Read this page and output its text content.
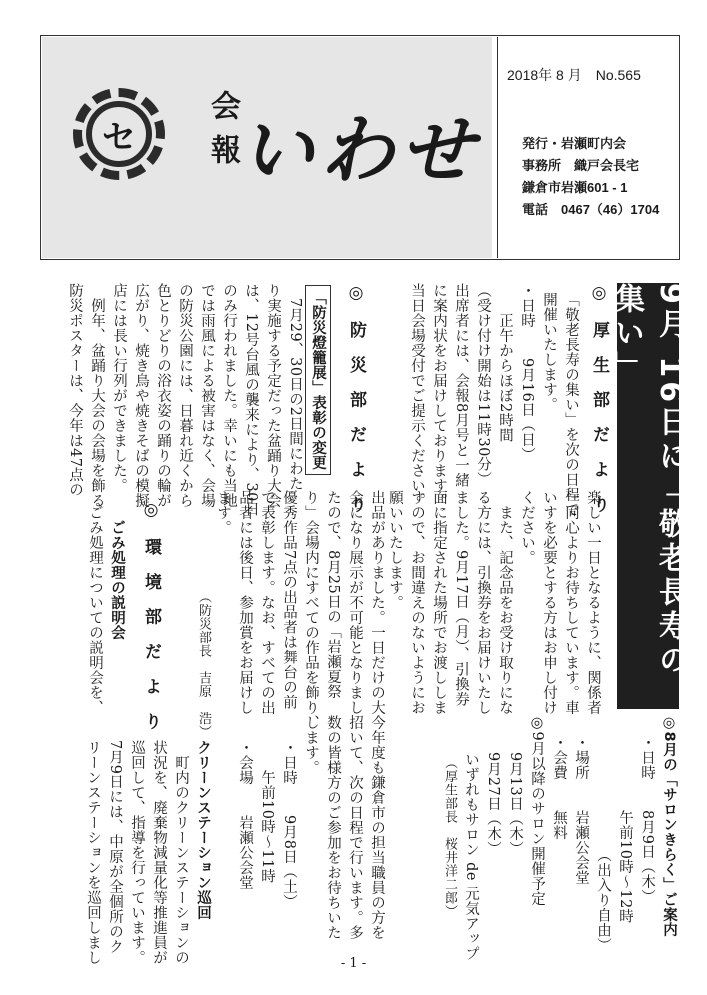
セ 会報 いわせ
2018年 8 月　No.565
発行・岩瀬町内会
事務所　織戸会長宅
鎌倉市岩瀬601 - 1
電話　0467（46）1704
9月 16日に「敬老長寿の集い」
◎8月の「サロンきらく」ご案内
・日時　　8月9日（木）
　　　　　午前10時～12時
　　　　　　　　（出入り自由）
・場所　　岩瀬公会堂
・会費　　無料
◎9月以降のサロン開催予定
　　9月13日（木）
　　9月27日（木）
　　いずれもサロン de 元気アップ
　　　（厚生部長　桜井洋二郎）
◎ 厚 生 部 だ よ り
「敬老長寿の集い」を次の日程で
開催いたします。
・日時　　9月16日（日）
　　正午からほぼ2時間
（受け付け開始は11時30分）
出席者には、会報8月号と一緒
に案内状をお届けしております。
当日会場受付でご提示ください。
楽しい一日となるように、関係者
一同心よりお待ちしています。車
いすを必要とする方はお申し付け
ください。
　また、記念品をお受け取りにな
る方には、引換券をお届けいたし
ました。9月17日（月）、引換券
面に指定された場所でお渡ししま
すので、お間違えのないようにお
願いいたします。
◎ 防 災 部 だ よ り
「防災燈籠展」表彰の変更
　7月29、30日の2日間にわた
り実施する予定だった盆踊り大会
は、12号台風の襲来により、30日
のみ行われました。幸いにも当地
では雨風による被害はなく、会場
の防災公園には、日暮れ近くから
色とりどりの浴衣姿の踊りの輪が
広がり、焼き鳥や焼きそばの模擬
店には長い行列ができました。
　例年、盆踊り大会の会場を飾る
防災ポスターは、今年は47点の
出品がありました。一日だけの大
会になり展示が不可能となりまし
たので、8月25日の「岩瀬夏祭
り」会場内にすべての作品を飾り、
優秀作品7点の出品者は舞台の前
で表彰します。なお、すべての出
品者には後日、参加賞をお届けし
ます。
（防災部長　吉原　浩）
◎ 環 境 部 だ よ り
ごみ処理の説明会
　ごみ処理についての説明会を、
今年度も鎌倉市の担当職員の方を
招いて、次の日程で行います。多
数の皆様方のご参加をお待ちいた
します。
・日時　　9月8日（土）
　　午前10時～11時
・会場　　岩瀬公会堂
クリーンステーション巡回
　町内のクリーンステーションの
状況を、廃棄物減量化等推進員が
巡回して、指導を行っています。
7月9日には、中原が全個所のク
リーンステーションを巡回しまし	- 1 -
